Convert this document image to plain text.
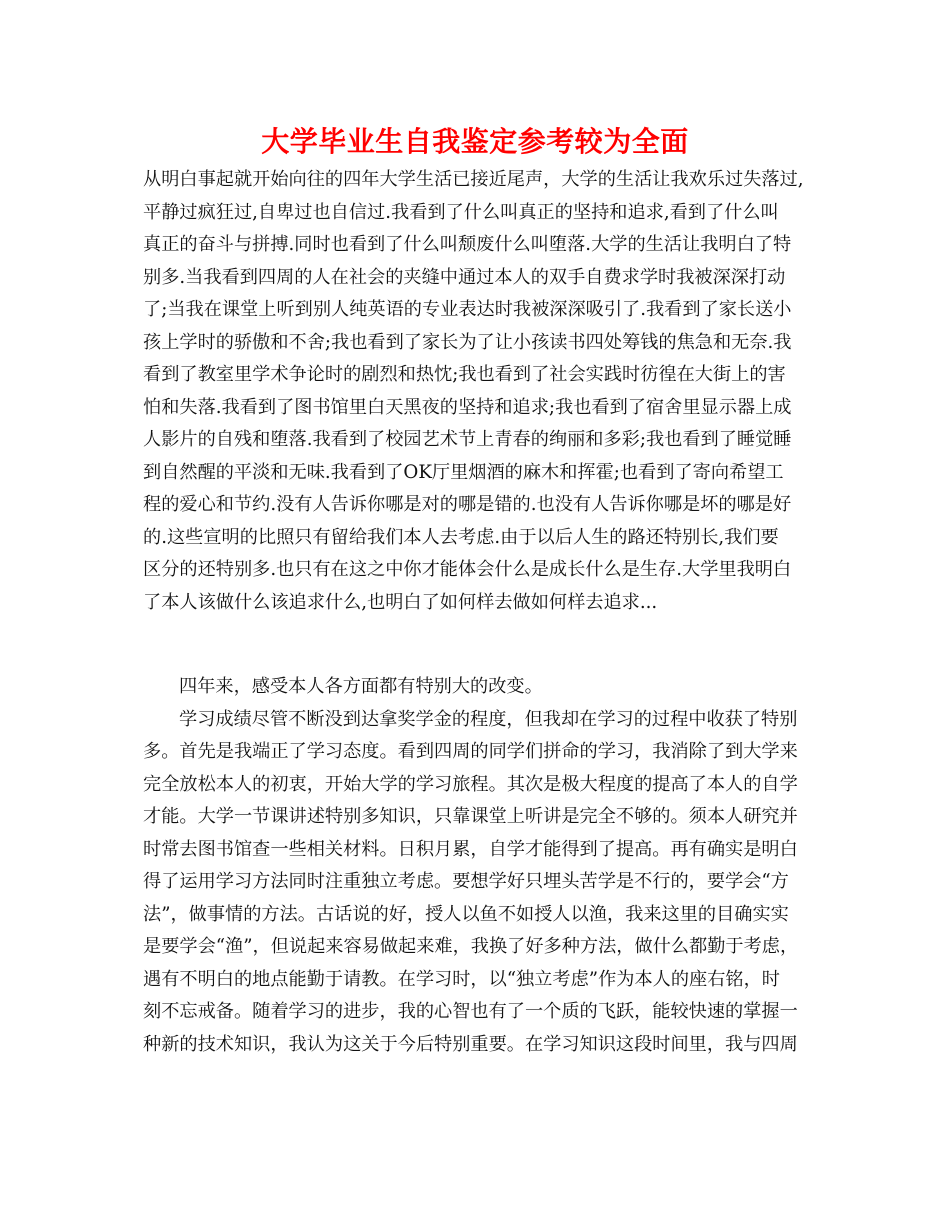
大学毕业生自我鉴定参考较为全面
从明白事起就开始向往的四年大学生活已接近尾声，大学的生活让我欢乐过失落过,
平静过疯狂过,自卑过也自信过.我看到了什么叫真正的坚持和追求,看到了什么叫
真正的奋斗与拼搏.同时也看到了什么叫颓废什么叫堕落.大学的生活让我明白了特
别多.当我看到四周的人在社会的夹缝中通过本人的双手自费求学时我被深深打动
了;当我在课堂上听到别人纯英语的专业表达时我被深深吸引了.我看到了家长送小
孩上学时的骄傲和不舍;我也看到了家长为了让小孩读书四处筹钱的焦急和无奈.我
看到了教室里学术争论时的剧烈和热忱;我也看到了社会实践时彷徨在大街上的害
怕和失落.我看到了图书馆里白天黑夜的坚持和追求;我也看到了宿舍里显示器上成
人影片的自残和堕落.我看到了校园艺术节上青春的绚丽和多彩;我也看到了睡觉睡
到自然醒的平淡和无味.我看到了OK厅里烟酒的麻木和挥霍;也看到了寄向希望工
程的爱心和节约.没有人告诉你哪是对的哪是错的.也没有人告诉你哪是坏的哪是好
的.这些宣明的比照只有留给我们本人去考虑.由于以后人生的路还特别长,我们要
区分的还特别多.也只有在这之中你才能体会什么是成长什么是生存.大学里我明白
了本人该做什么该追求什么,也明白了如何样去做如何样去追求...
四年来，感受本人各方面都有特别大的改变。
学习成绩尽管不断没到达拿奖学金的程度，但我却在学习的过程中收获了特别
多。首先是我端正了学习态度。看到四周的同学们拼命的学习，我消除了到大学来
完全放松本人的初衷，开始大学的学习旅程。其次是极大程度的提高了本人的自学
才能。大学一节课讲述特别多知识，只靠课堂上听讲是完全不够的。须本人研究并
时常去图书馆查一些相关材料。日积月累，自学才能得到了提高。再有确实是明白
得了运用学习方法同时注重独立考虑。要想学好只埋头苦学是不行的，要学会“方
法”，做事情的方法。古话说的好，授人以鱼不如授人以渔，我来这里的目确实实
是要学会“渔”，但说起来容易做起来难，我换了好多种方法，做什么都勤于考虑，
遇有不明白的地点能勤于请教。在学习时，以“独立考虑”作为本人的座右铭，时
刻不忘戒备。随着学习的进步，我的心智也有了一个质的飞跃，能较快速的掌握一
种新的技术知识，我认为这关于今后特别重要。在学习知识这段时间里，我与四周
